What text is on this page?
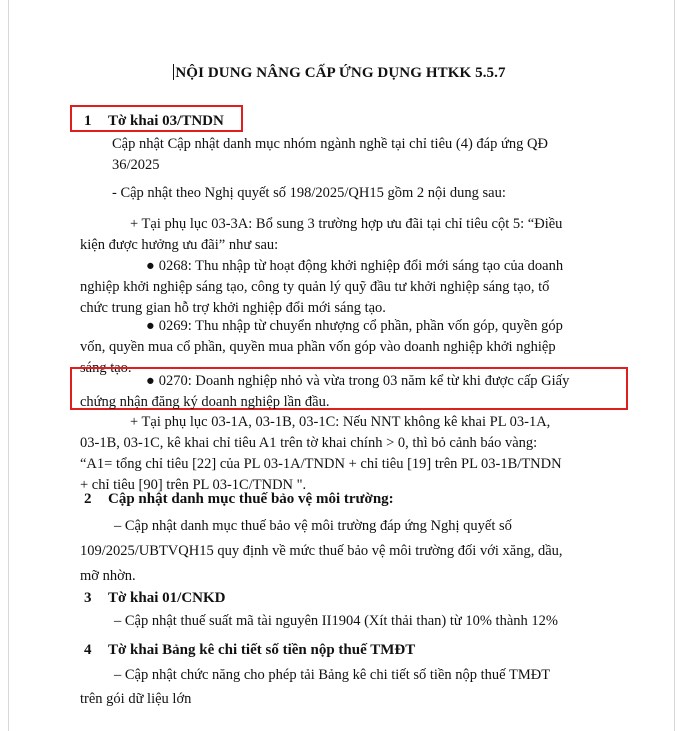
NỘI DUNG NÂNG CẤP ỨNG DỤNG HTKK 5.5.7
1 Tờ khai 03/TNDN
Cập nhật Cập nhật danh mục nhóm ngành nghề tại chỉ tiêu (4) đáp ứng QĐ
36/2025
- Cập nhật theo Nghị quyết số 198/2025/QH15 gồm 2 nội dung sau:
+ Tại phụ lục 03-3A: Bổ sung 3 trường hợp ưu đãi tại chỉ tiêu cột 5: “Điều
kiện được hưởng ưu đãi” như sau:
● 0268: Thu nhập từ hoạt động khởi nghiệp đổi mới sáng tạo của doanh
nghiệp khởi nghiệp sáng tạo, công ty quản lý quỹ đầu tư khởi nghiệp sáng tạo, tổ
chức trung gian hỗ trợ khởi nghiệp đổi mới sáng tạo.
● 0269: Thu nhập từ chuyển nhượng cổ phần, phần vốn góp, quyền góp
vốn, quyền mua cổ phần, quyền mua phần vốn góp vào doanh nghiệp khởi nghiệp
sáng tạo.
● 0270: Doanh nghiệp nhỏ và vừa trong 03 năm kể từ khi được cấp Giấy
chứng nhận đăng ký doanh nghiệp lần đầu.
+ Tại phụ lục 03-1A, 03-1B, 03-1C: Nếu NNT không kê khai PL 03-1A,
03-1B, 03-1C, kê khai chỉ tiêu A1 trên tờ khai chính > 0, thì bỏ cảnh báo vàng:
“A1= tổng chỉ tiêu [22] của PL 03-1A/TNDN + chỉ tiêu [19] trên PL 03-1B/TNDN
+ chỉ tiêu [90] trên PL 03-1C/TNDN ".
2 Cập nhật danh mục thuế bảo vệ môi trường:
– Cập nhật danh mục thuế bảo vệ môi trường đáp ứng Nghị quyết số
109/2025/UBTVQH15 quy định về mức thuế bảo vệ môi trường đối với xăng, dầu,
mỡ nhờn.
3 Tờ khai 01/CNKD
– Cập nhật thuế suất mã tài nguyên II1904 (Xít thải than) từ 10% thành 12%
4 Tờ khai Bảng kê chi tiết số tiền nộp thuế TMĐT
– Cập nhật chức năng cho phép tải Bảng kê chi tiết số tiền nộp thuế TMĐT
trên gói dữ liệu lớn
